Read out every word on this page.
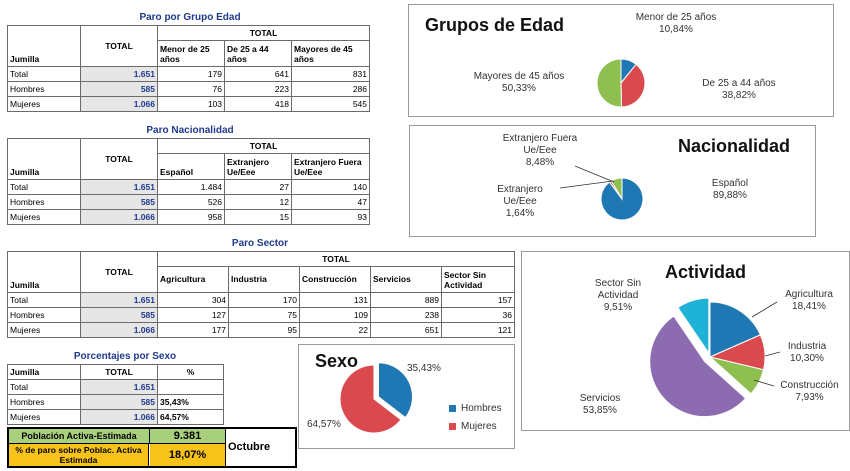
Paro por Grupo Edad
Jumilla	TOTAL	TOTAL		
		Menor de 25 años	De 25 a 44 años	Mayores de 45 años
Total	1.651	179	641	831
Hombres	585	76	223	286
Mujeres	1.066	103	418	545
Paro Nacionalidad
Jumilla	TOTAL	TOTAL		
		Español	Extranjero Ue/Eee	Extranjero Fuera Ue/Eee
Total	1.651	1.484	27	140
Hombres	585	526	12	47
Mujeres	1.066	958	15	93
Paro Sector
Jumilla	TOTAL	TOTAL				
		Agricultura	Industria	Construcción	Servicios	Sector Sin Actividad
Total	1.651	304	170	131	889	157
Hombres	585	127	75	109	238	36
Mujeres	1.066	177	95	22	651	121
Porcentajes por Sexo
Jumilla	TOTAL	%
Total	1.651	
Hombres	585	35,43%
Mujeres	1.066	64,57%
Población Activa-Estimada	9.381
% de paro sobre Poblac. Activa Estimada	18,07%
Octubre
Grupos de Edad	Menor de 25 años
10,84%
De 25 a 44 años
38,82%
Mayores de 45 años
50,33%
Nacionalidad
Español
89,88%
Extranjero Ue/Eee
1,64%
Extranjero Fuera Ue/Eee
8,48%
Sexo	35,43%
64,57%
Hombres
Mujeres
Actividad
Agricultura
18,41%
Industria
10,30%
Construcción
7,93%
Servicios
53,85%
Sector Sin Actividad
9,51%
